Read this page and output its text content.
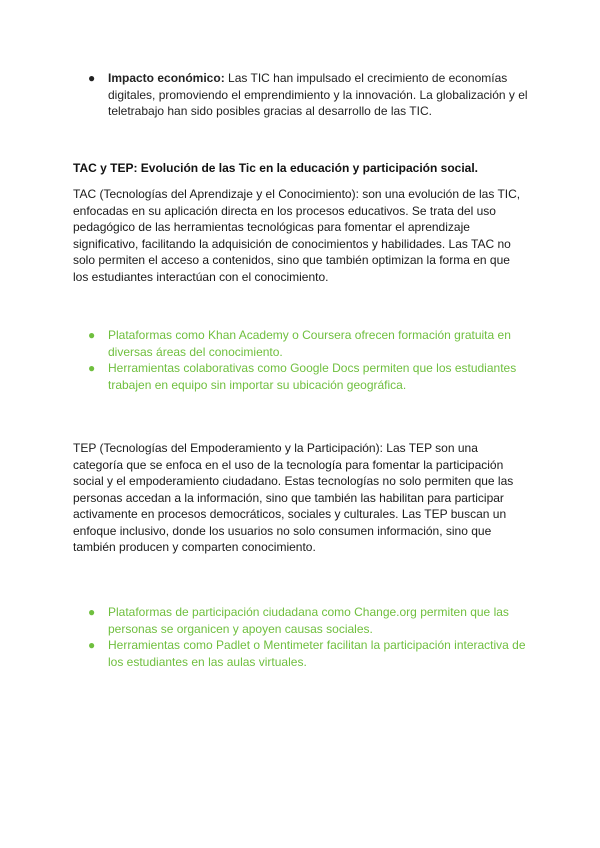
● Impacto económico: Las TIC han impulsado el crecimiento de economías digitales, promoviendo el emprendimiento y la innovación. La globalización y el teletrabajo han sido posibles gracias al desarrollo de las TIC.
TAC y TEP: Evolución de las Tic en la educación y participación social.

TAC (Tecnologías del Aprendizaje y el Conocimiento): son una evolución de las TIC, enfocadas en su aplicación directa en los procesos educativos. Se trata del uso pedagógico de las herramientas tecnológicas para fomentar el aprendizaje significativo, facilitando la adquisición de conocimientos y habilidades. Las TAC no solo permiten el acceso a contenidos, sino que también optimizan la forma en que los estudiantes interactúan con el conocimiento.

● Plataformas como Khan Academy o Coursera ofrecen formación gratuita en diversas áreas del conocimiento.
● Herramientas colaborativas como Google Docs permiten que los estudiantes trabajen en equipo sin importar su ubicación geográfica.

TEP (Tecnologías del Empoderamiento y la Participación): Las TEP son una categoría que se enfoca en el uso de la tecnología para fomentar la participación social y el empoderamiento ciudadano. Estas tecnologías no solo permiten que las personas accedan a la información, sino que también las habilitan para participar activamente en procesos democráticos, sociales y culturales. Las TEP buscan un enfoque inclusivo, donde los usuarios no solo consumen información, sino que también producen y comparten conocimiento.

● Plataformas de participación ciudadana como Change.org permiten que las personas se organicen y apoyen causas sociales.
● Herramientas como Padlet o Mentimeter facilitan la participación interactiva de los estudiantes en las aulas virtuales.
